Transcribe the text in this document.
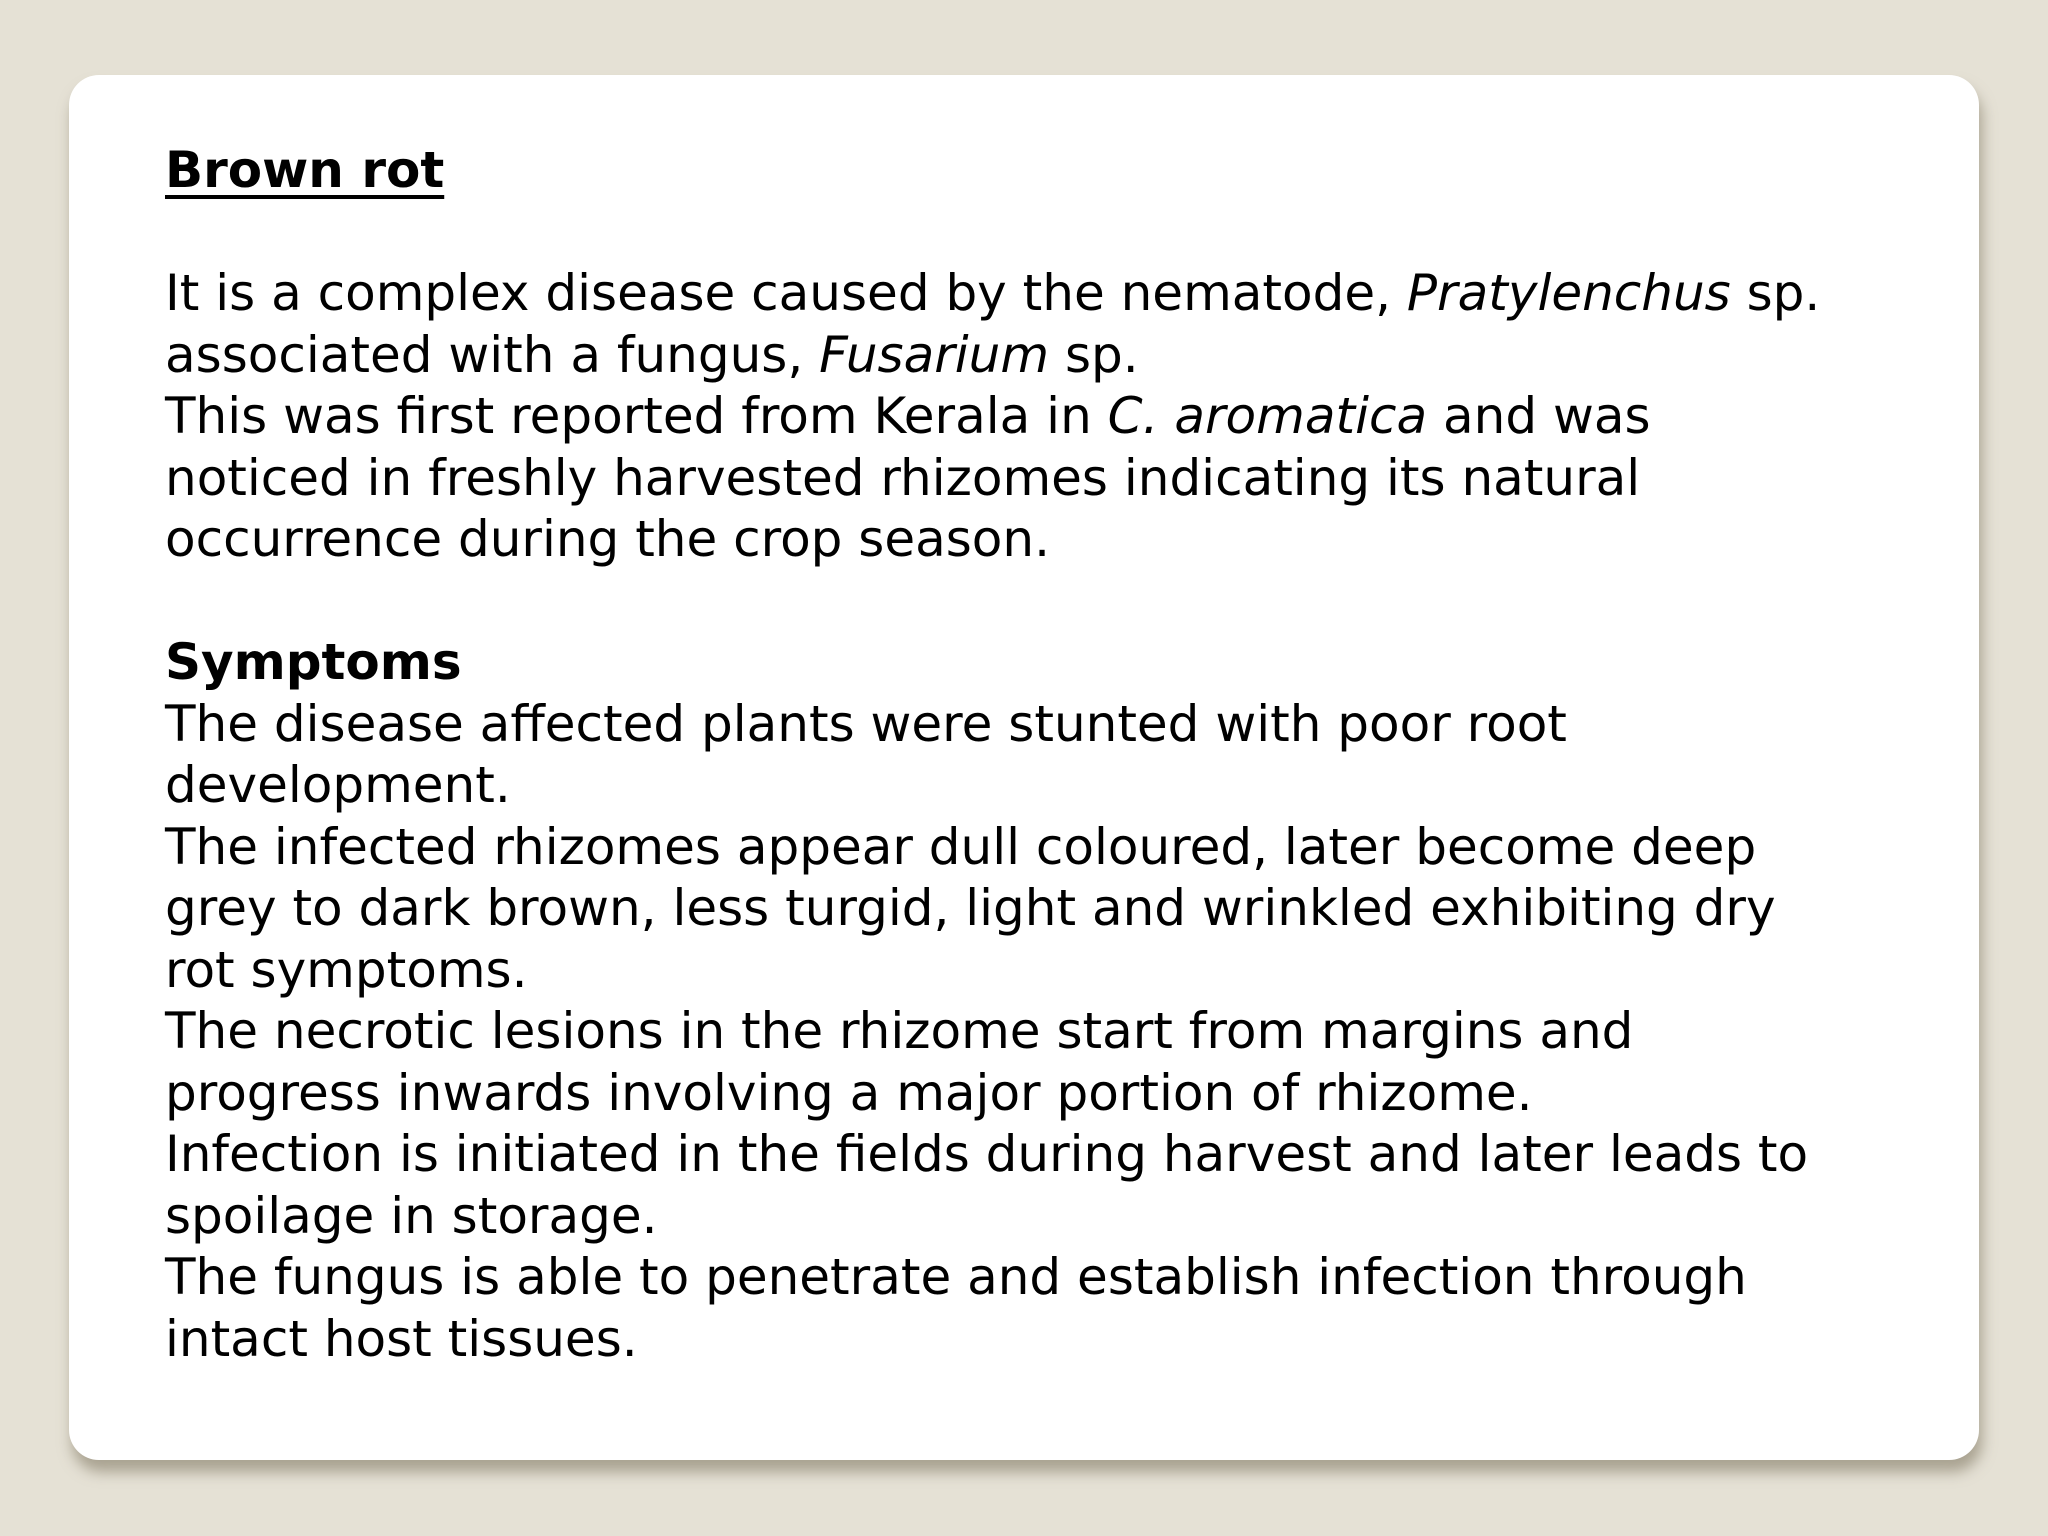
Brown rot

It is a complex disease caused by the nematode, Pratylenchus sp.

associated with a fungus, Fusarium sp.

This was first reported from Kerala in C. aromatica and was

noticed in freshly harvested rhizomes indicating its natural

occurrence during the crop season.

Symptoms

The disease affected plants were stunted with poor root

development.

The infected rhizomes appear dull coloured, later become deep

grey to dark brown, less turgid, light and wrinkled exhibiting dry

rot symptoms.

The necrotic lesions in the rhizome start from margins and

progress inwards involving a major portion of rhizome.

Infection is initiated in the fields during harvest and later leads to

spoilage in storage.

The fungus is able to penetrate and establish infection through

intact host tissues.
